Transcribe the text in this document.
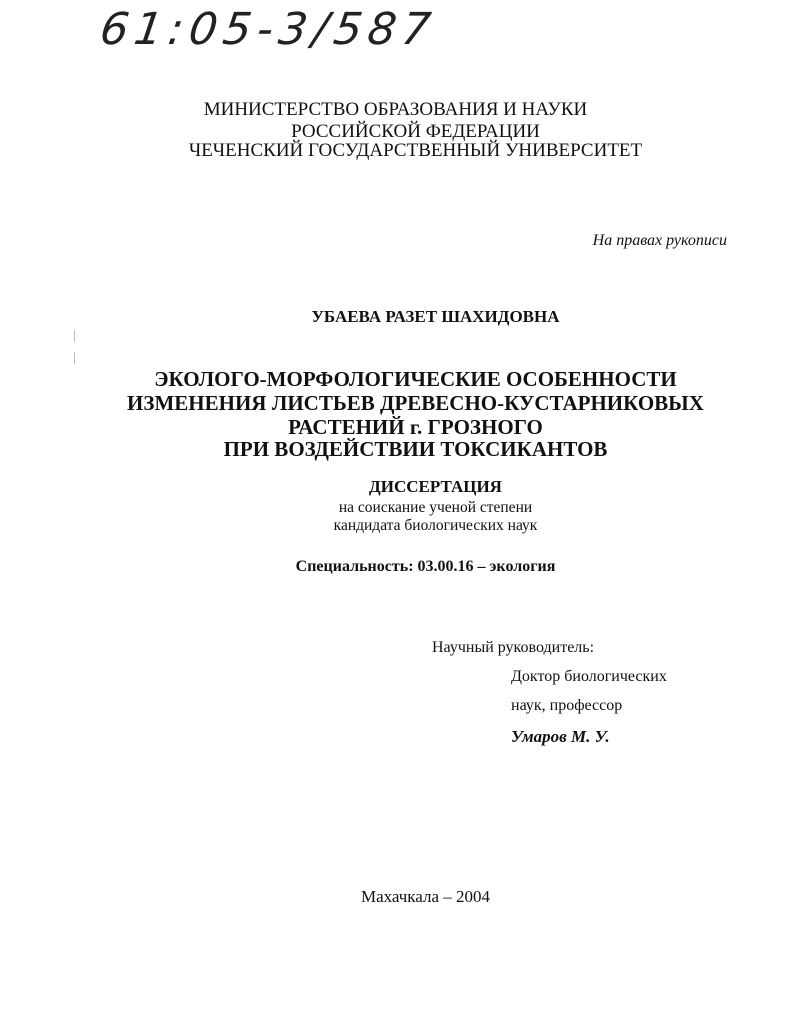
61:05-3/587
МИНИСТЕРСТВО ОБРАЗОВАНИЯ И НАУКИ
РОССИЙСКОЙ ФЕДЕРАЦИИ
ЧЕЧЕНСКИЙ ГОСУДАРСТВЕННЫЙ УНИВЕРСИТЕТ
На правах рукописи
УБАЕВА РАЗЕТ ШАХИДОВНА
ЭКОЛОГО-МОРФОЛОГИЧЕСКИЕ ОСОБЕННОСТИ
ИЗМЕНЕНИЯ ЛИСТЬЕВ ДРЕВЕСНО-КУСТАРНИКОВЫХ
РАСТЕНИЙ г. ГРОЗНОГО
ПРИ ВОЗДЕЙСТВИИ ТОКСИКАНТОВ
ДИССЕРТАЦИЯ
на соискание ученой степени
кандидата биологических наук
Специальность: 03.00.16 – экология
Научный руководитель:
Доктор биологических
наук, профессор
Умаров М. У.
Махачкала – 2004
